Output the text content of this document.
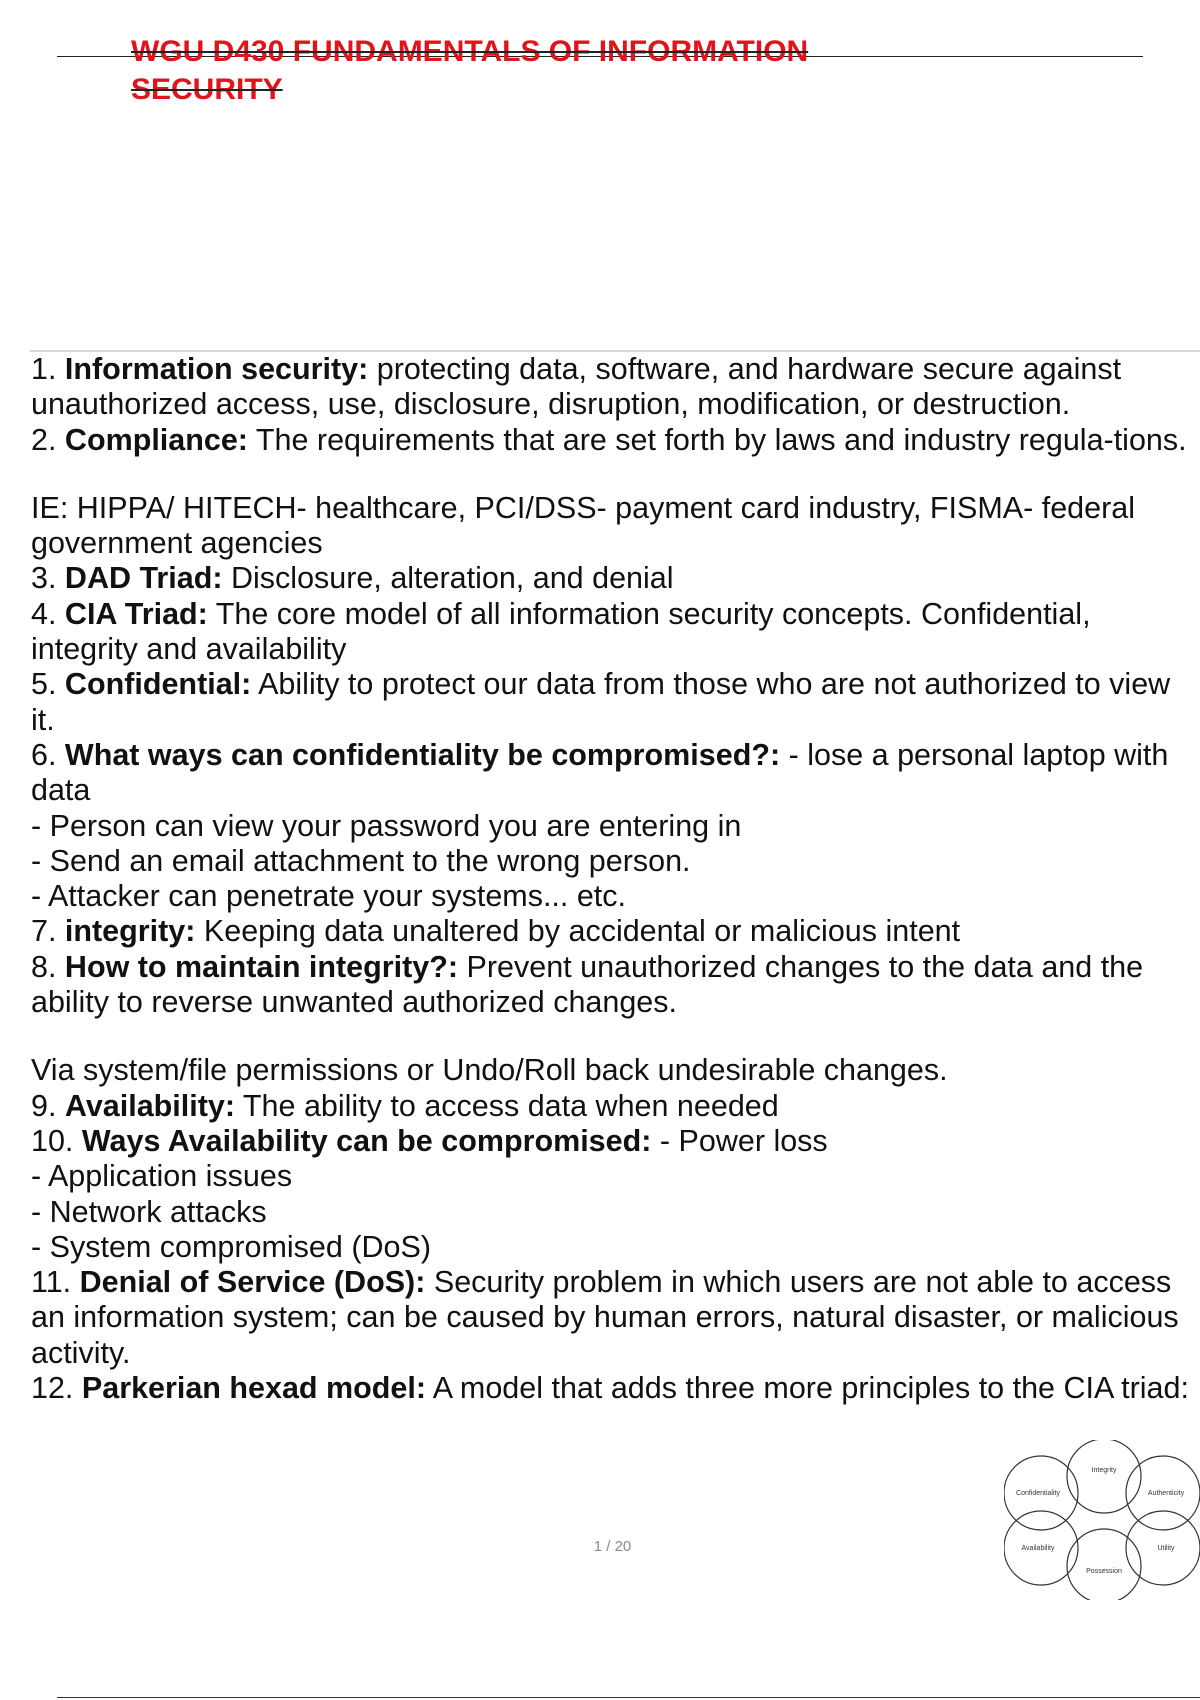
WGU D430 FUNDAMENTALS OF INFORMATION
SECURITY

1. Information security: protecting data, software, and hardware secure against unauthorized access, use, disclosure, disruption, modification, or destruction.

2. Compliance: The requirements that are set forth by laws and industry regula-tions.

IE: HIPPA/ HITECH- healthcare, PCI/DSS- payment card industry, FISMA- federal government agencies

3. DAD Triad: Disclosure, alteration, and denial

4. CIA Triad: The core model of all information security concepts. Confidential, integrity and availability

5. Confidential: Ability to protect our data from those who are not authorized to view it.

6. What ways can confidentiality be compromised?: - lose a personal laptop with data

- Person can view your password you are entering in

- Send an email attachment to the wrong person.

- Attacker can penetrate your systems... etc.

7. integrity: Keeping data unaltered by accidental or malicious intent

8. How to maintain integrity?: Prevent unauthorized changes to the data and the ability to reverse unwanted authorized changes.

Via system/file permissions or Undo/Roll back undesirable changes.

9. Availability: The ability to access data when needed

10. Ways Availability can be compromised: - Power loss

- Application issues

- Network attacks

- System compromised (DoS)

11. Denial of Service (DoS): Security problem in which users are not able to access an information system; can be caused by human errors, natural disaster, or malicious activity.

12. Parkerian hexad model: A model that adds three more principles to the CIA triad:

Integrity
Confidentiality	Authenticity
Availability	Utility
Possession
1 / 20
